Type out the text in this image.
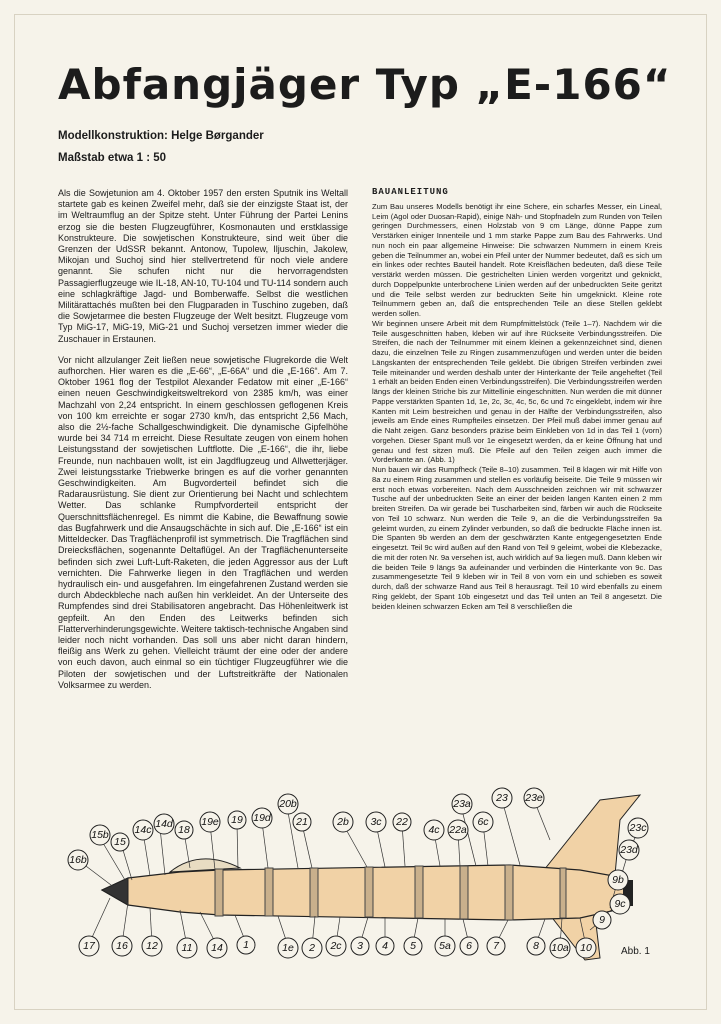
Abfangjäger Typ „E-166“
Modellkonstruktion: Helge Børgander
Maßstab etwa 1 : 50

Als die Sowjetunion am 4. Oktober 1957 den ersten Sputnik ins Weltall startete gab es keinen Zweifel mehr, daß sie der einzigste Staat ist, der im Weltraumflug an der Spitze steht. Unter Führung der Partei Lenins erzog sie die besten Flugzeugführer, Kosmonauten und erstklassige Konstrukteure. Die sowjetischen Konstrukteure, sind weit über die Grenzen der UdSSR bekannt. Antonow, Tupolew, Iljuschin, Jakolew, Mikojan und Suchoj sind hier stellvertretend für noch viele andere genannt. Sie schufen nicht nur die hervorragendsten Passagierflugzeuge wie IL-18, AN-10, TU-104 und TU-114 sondern auch eine schlagkräftige Jagd- und Bomberwaffe. Selbst die westlichen Militärattachés mußten bei den Flugparaden in Tuschino zugeben, daß die Sowjetarmee die besten Flugzeuge der Welt besitzt. Flugzeuge vom Typ MiG-17, MiG-19, MiG-21 und Suchoj versetzen immer wieder die Zuschauer in Erstaunen.

Vor nicht allzulanger Zeit ließen neue sowjetische Flugrekorde die Welt aufhorchen. Hier waren es die „E-66“, „E-66A“ und die „E-166“. Am 7. Oktober 1961 flog der Testpilot Alexander Fedatow mit einer „E-166“ einen neuen Geschwindigkeitsweltrekord von 2385 km/h, was einer Machzahl von 2,24 entspricht. In einem geschlossen geflogenen Kreis von 100 km erreichte er sogar 2730 km/h, das entspricht 2,56 Mach, also die 2½-fache Schallgeschwindigkeit. Die dynamische Gipfelhöhe wurde bei 34 714 m erreicht. Diese Resultate zeugen von einem hohen Leistungsstand der sowjetischen Luftflotte. Die „E-166“, die ihr, liebe Freunde, nun nachbauen wollt, ist ein Jagdflugzeug und Allwetterjäger. Zwei leistungsstarke Triebwerke bringen es auf die vorher genannten Geschwindigkeiten. Am Bugvorderteil befindet sich die Radarausrüstung. Sie dient zur Orientierung bei Nacht und schlechtem Wetter. Das schlanke Rumpfvorderteil entspricht der Querschnittsflächenregel. Es nimmt die Kabine, die Bewaffnung sowie das Bugfahrwerk und die Ansaugschächte in sich auf. Die „E-166“ ist ein Mitteldecker. Das Tragflächenprofil ist symmetrisch. Die Tragflächen sind Dreiecksflächen, sogenannte Deltaflügel. An der Tragflächenunterseite befinden sich zwei Luft-Luft-Raketen, die jeden Aggressor aus der Luft vernichten. Die Fahrwerke liegen in den Tragflächen und werden hydraulisch ein- und ausgefahren. Im eingefahrenen Zustand werden sie durch Abdeckbleche nach außen hin verkleidet. An der Unterseite des Rumpfendes sind drei Stabilisatoren angebracht. Das Höhenleitwerk ist gepfeilt. An den Enden des Leitwerks befinden sich Flatterverhinderungsgewichte. Weitere taktisch-technische Angaben sind leider noch nicht vorhanden. Das soll uns aber nicht daran hindern, fleißig ans Werk zu gehen. Vielleicht träumt der eine oder der andere von euch davon, auch einmal so ein tüchtiger Flugzeugführer wie die Piloten der sowjetischen und der Luftstreitkräfte der Nationalen Volksarmee zu werden.

BAUANLEITUNG

Zum Bau unseres Modells benötigt ihr eine Schere, ein scharfes Messer, ein Lineal, Leim (Agol oder Duosan-Rapid), einige Näh- und Stopfnadeln zum Runden von Teilen geringen Durchmessers, einen Holzstab von 9 cm Länge, dünne Pappe zum Verstärken einiger Innenteile und 1 mm starke Pappe zum Bau des Fahrwerks. Und nun noch ein paar allgemeine Hinweise: Die schwarzen Nummern in einem Kreis geben die Teilnummer an, wobei ein Pfeil unter der Nummer bedeutet, daß es sich um ein linkes oder rechtes Bauteil handelt. Rote Kreisflächen bedeuten, daß diese Teile verstärkt werden müssen. Die gestrichelten Linien werden vorgeritzt und geknickt, durch Doppelpunkte unterbrochene Linien werden auf der unbedruckten Seite geritzt und die Teile selbst werden zur bedruckten Seite hin umgeknickt. Kleine rote Teilnummern geben an, daß die entsprechenden Teile an diese Stellen geklebt werden sollen.

Wir beginnen unsere Arbeit mit dem Rumpfmittelstück (Teile 1–7). Nachdem wir die Teile ausgeschnitten haben, kleben wir auf ihre Rückseite Verbindungsstreifen. Die Streifen, die nach der Teilnummer mit einem kleinen a gekennzeichnet sind, dienen dazu, die einzelnen Teile zu Ringen zusammenzufügen und werden unter die beiden Längskanten der entsprechenden Teile geklebt. Die übrigen Streifen verbinden zwei Teile miteinander und werden deshalb unter der Hinterkante der Teile angeheftet (Teil 1 erhält an beiden Enden einen Verbindungsstreifen). Die Verbindungsstreifen werden längs der kleinen Striche bis zur Mittellinie eingeschnitten. Nun werden die mit dünner Pappe verstärkten Spanten 1d, 1e, 2c, 3c, 4c, 5c, 6c und 7c eingeklebt, indem wir ihre Kanten mit Leim bestreichen und genau in der Hälfte der Verbindungsstreifen, also jeweils am Ende eines Rumpfteiles einsetzen. Der Pfeil muß dabei immer genau auf die Naht zeigen. Ganz besonders präzise beim Einkleben von 1d in das Teil 1 (vorn) vorgehen. Dieser Spant muß vor 1e eingesetzt werden, da er keine Öffnung hat und genau und fest sitzen muß. Die Pfeile auf den Teilen zeigen auch immer die Vorderkante an. (Abb. 1)

Nun bauen wir das Rumpfheck (Teile 8–10) zusammen. Teil 8 klagen wir mit Hilfe von 8a zu einem Ring zusammen und stellen es vorläufig beiseite. Die Teile 9 müssen wir erst noch etwas vorbereiten. Nach dem Ausschneiden zeichnen wir mit schwarzer Tusche auf der unbedruckten Seite an einer der beiden langen Kanten einen 2 mm breiten Streifen. Da wir gerade bei Tuscharbeiten sind, färben wir auch die Rückseite von Teil 10 schwarz. Nun werden die Teile 9, an die die Verbindungsstreifen 9a geleimt wurden, zu einem Zylinder verbunden, so daß die bedruckte Fläche innen ist. Die Spanten 9b werden an dem der geschwärzten Kante entgegengesetzten Ende eingesetzt. Teil 9c wird außen auf den Rand von Teil 9 geleimt, wobei die Klebezacke, die mit der roten Nr. 9a versehen ist, auch wirklich auf 9a liegen muß. Dann kleben wir die beiden Teile 9 längs 9a aufeinander und verbinden die Hinterkante von 9c. Das zusammengesetzte Teil 9 kleben wir in Teil 8 von vorn ein und schieben es soweit durch, daß der schwarze Rand aus Teil 8 herausragt. Teil 10 wird ebenfalls zu einem Ring geklebt, der Spant 10b eingesetzt und das Teil unten an Teil 8 angesetzt. Die beiden kleinen schwarzen Ecken am Teil 8 verschließen die

16b
15b
15
14c 14d 18
19e 19 19d
20b
21	2b 3c 22
4c 22a
6c
23a 23 23e
23c
23d
9b
9c
9
17 16 12 11 14 1	1e 2 2c 3 4 5 5a 6 7	8 10a 10	Abb. 1
